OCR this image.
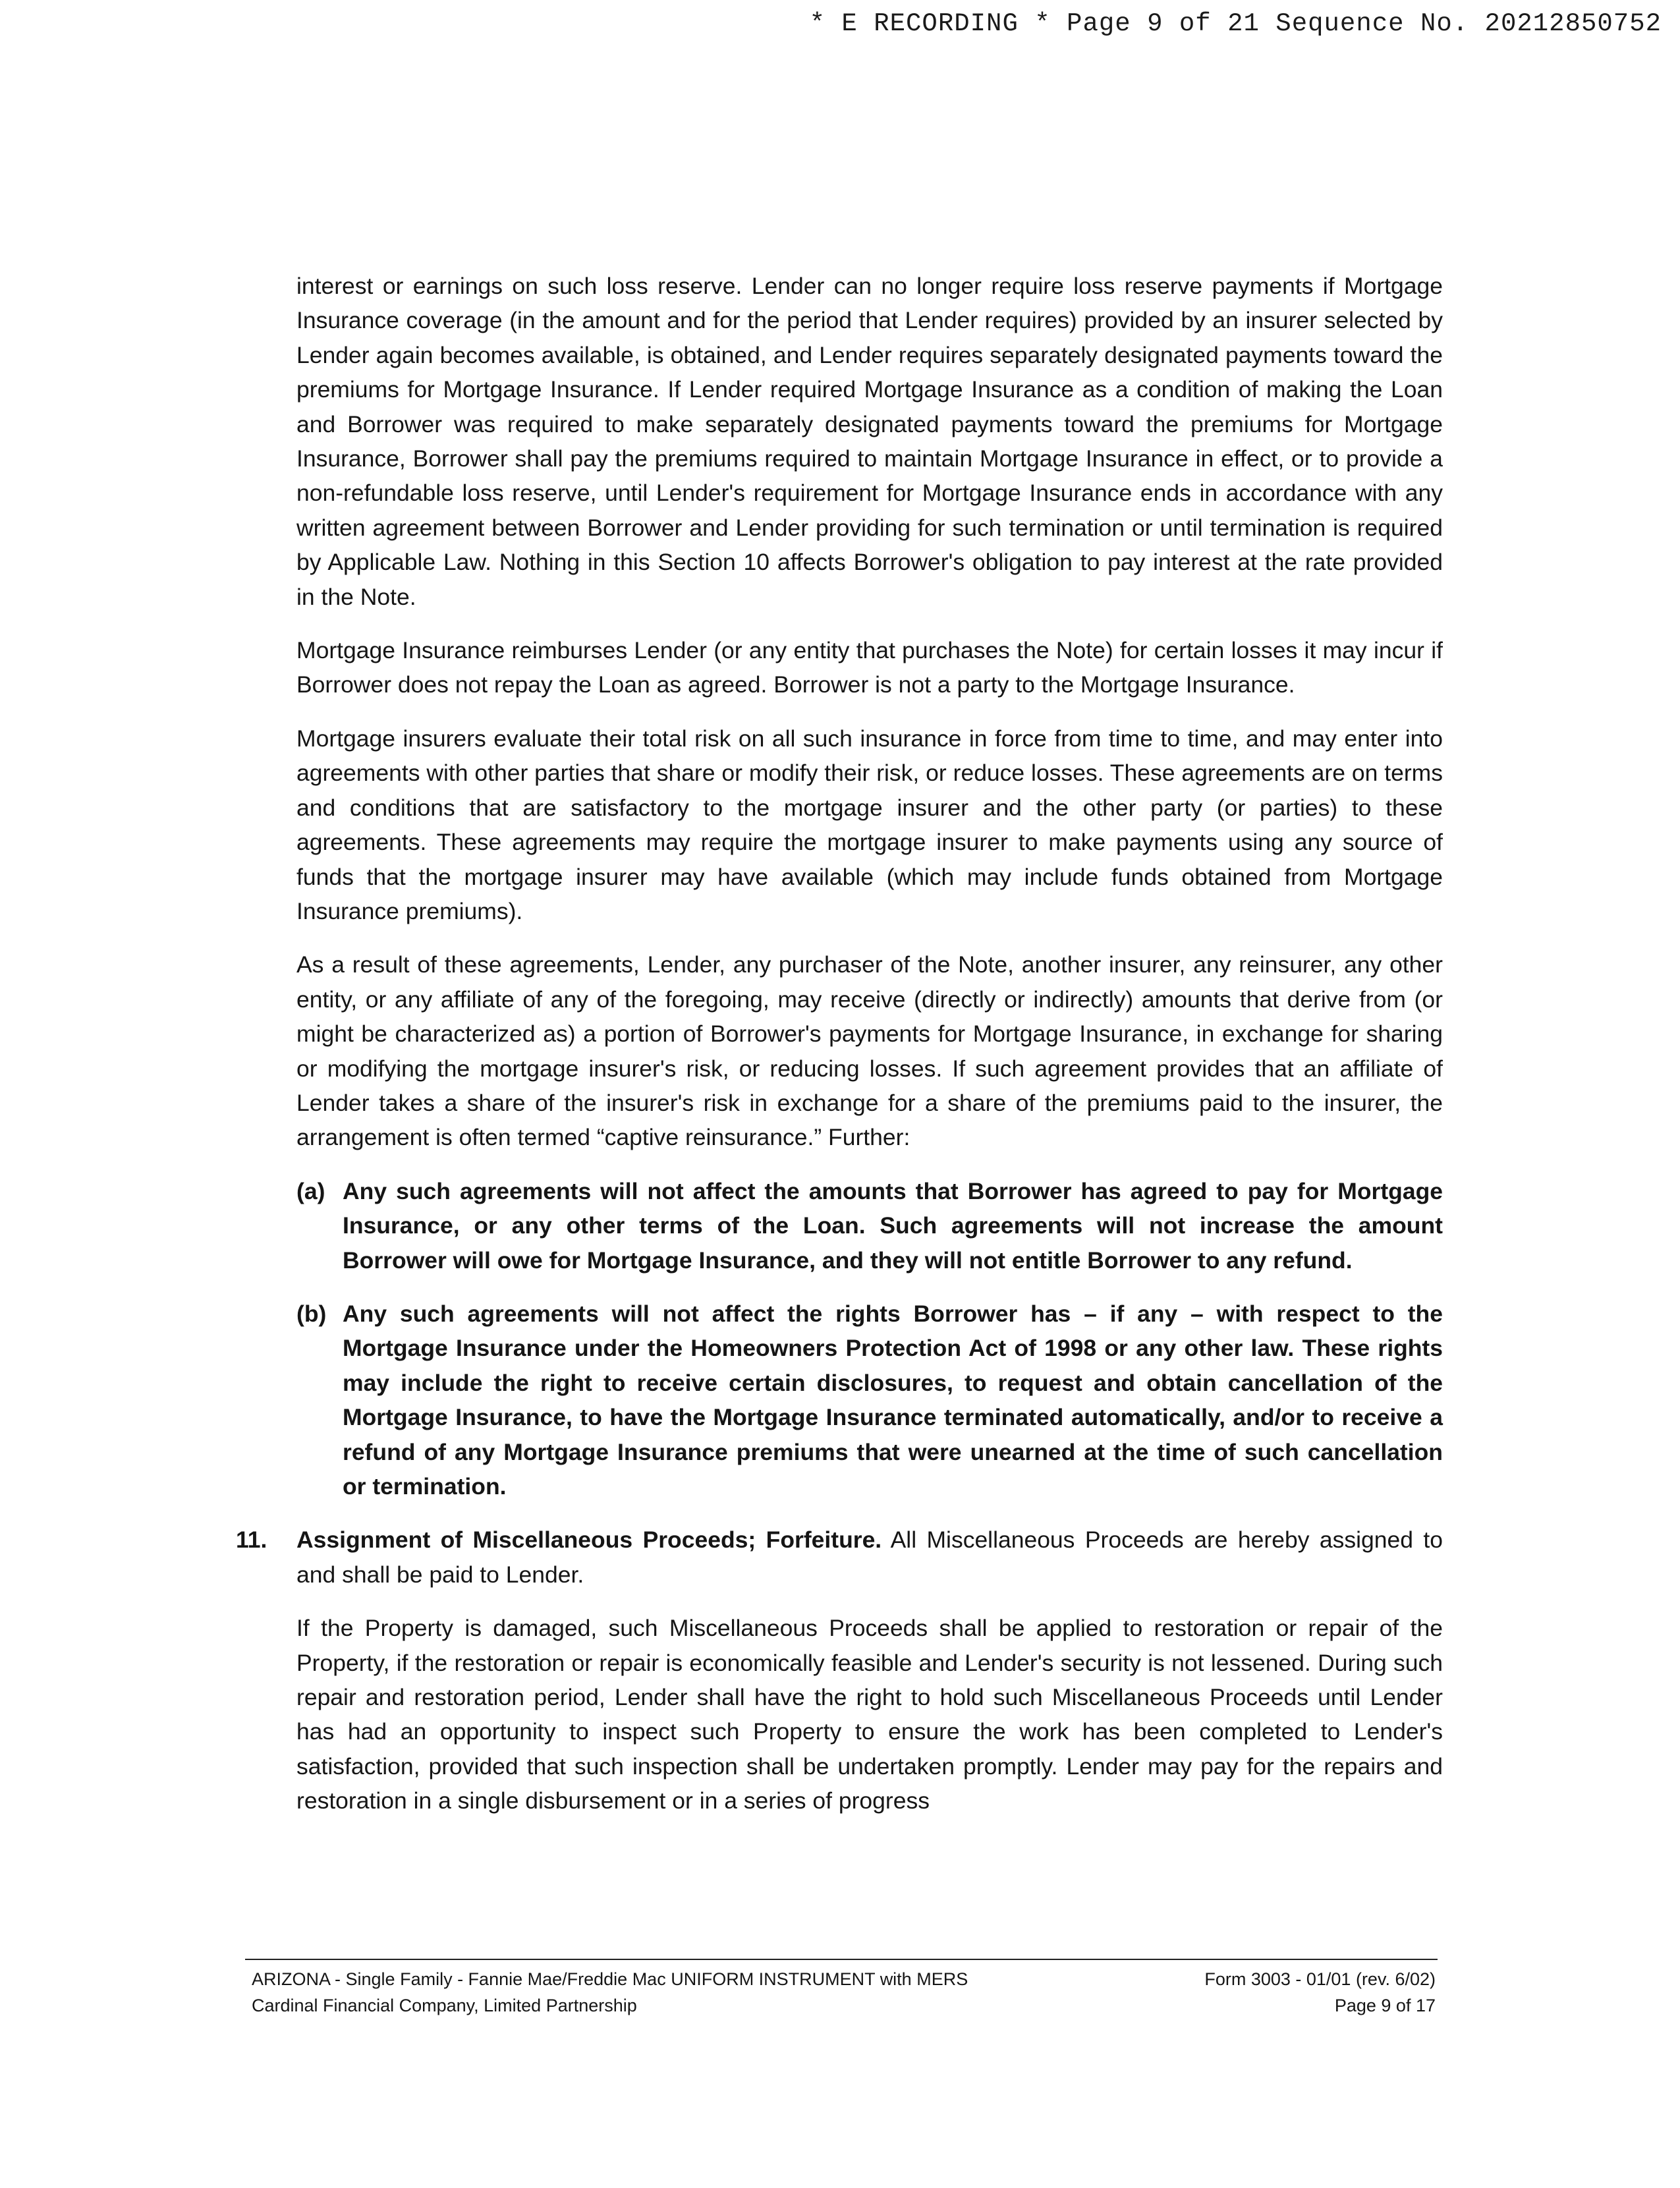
* E RECORDING * Page 9 of 21 Sequence No. 20212850752

interest or earnings on such loss reserve. Lender can no longer require loss reserve payments if Mortgage Insurance coverage (in the amount and for the period that Lender requires) provided by an insurer selected by Lender again becomes available, is obtained, and Lender requires separately designated payments toward the premiums for Mortgage Insurance. If Lender required Mortgage Insurance as a condition of making the Loan and Borrower was required to make separately designated payments toward the premiums for Mortgage Insurance, Borrower shall pay the premiums required to maintain Mortgage Insurance in effect, or to provide a non-refundable loss reserve, until Lender's requirement for Mortgage Insurance ends in accordance with any written agreement between Borrower and Lender providing for such termination or until termination is required by Applicable Law. Nothing in this Section 10 affects Borrower's obligation to pay interest at the rate provided in the Note.

Mortgage Insurance reimburses Lender (or any entity that purchases the Note) for certain losses it may incur if Borrower does not repay the Loan as agreed. Borrower is not a party to the Mortgage Insurance.

Mortgage insurers evaluate their total risk on all such insurance in force from time to time, and may enter into agreements with other parties that share or modify their risk, or reduce losses. These agreements are on terms and conditions that are satisfactory to the mortgage insurer and the other party (or parties) to these agreements. These agreements may require the mortgage insurer to make payments using any source of funds that the mortgage insurer may have available (which may include funds obtained from Mortgage Insurance premiums).

As a result of these agreements, Lender, any purchaser of the Note, another insurer, any reinsurer, any other entity, or any affiliate of any of the foregoing, may receive (directly or indirectly) amounts that derive from (or might be characterized as) a portion of Borrower's payments for Mortgage Insurance, in exchange for sharing or modifying the mortgage insurer's risk, or reducing losses. If such agreement provides that an affiliate of Lender takes a share of the insurer's risk in exchange for a share of the premiums paid to the insurer, the arrangement is often termed “captive reinsurance.” Further:

(a) Any such agreements will not affect the amounts that Borrower has agreed to pay for Mortgage Insurance, or any other terms of the Loan. Such agreements will not increase the amount Borrower will owe for Mortgage Insurance, and they will not entitle Borrower to any refund.
(b) Any such agreements will not affect the rights Borrower has – if any – with respect to the Mortgage Insurance under the Homeowners Protection Act of 1998 or any other law. These rights may include the right to receive certain disclosures, to request and obtain cancellation of the Mortgage Insurance, to have the Mortgage Insurance terminated automatically, and/or to receive a refund of any Mortgage Insurance premiums that were unearned at the time of such cancellation or termination.
11. Assignment of Miscellaneous Proceeds; Forfeiture. All Miscellaneous Proceeds are hereby assigned to and shall be paid to Lender.

If the Property is damaged, such Miscellaneous Proceeds shall be applied to restoration or repair of the Property, if the restoration or repair is economically feasible and Lender's security is not lessened. During such repair and restoration period, Lender shall have the right to hold such Miscellaneous Proceeds until Lender has had an opportunity to inspect such Property to ensure the work has been completed to Lender's satisfaction, provided that such inspection shall be undertaken promptly. Lender may pay for the repairs and restoration in a single disbursement or in a series of progress

ARIZONA - Single Family - Fannie Mae/Freddie Mac UNIFORM INSTRUMENT with MERS
Cardinal Financial Company, Limited Partnership
Form 3003 - 01/01 (rev. 6/02)
Page 9 of 17
